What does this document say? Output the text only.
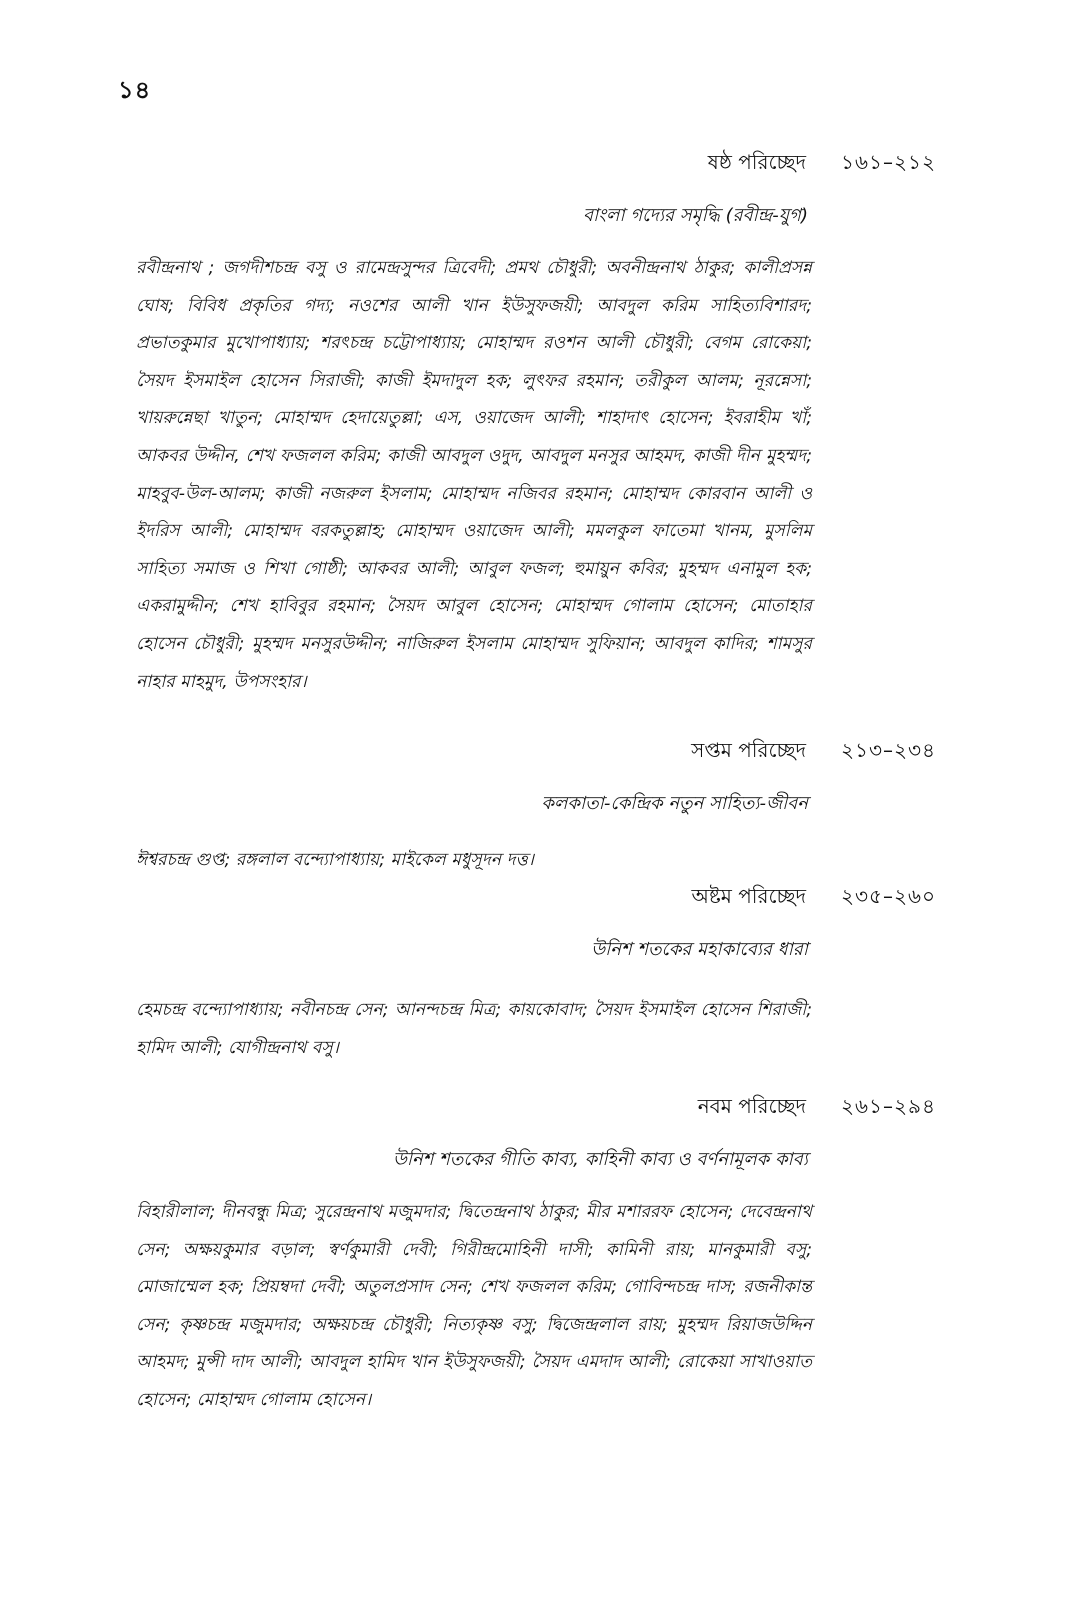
১৪
ষষ্ঠ পরিচ্ছেদ	১৬১–২১২
বাংলা গদ্যের সমৃদ্ধি (রবীন্দ্র-যুগ)
রবীন্দ্রনাথ ; জগদীশচন্দ্র বসু ও রামেন্দ্রসুন্দর ত্রিবেদী; প্রমথ চৌধুরী; অবনীন্দ্রনাথ ঠাকুর; কালীপ্রসন্ন ঘোষ; বিবিধ প্রকৃতির গদ্য; নওশের আলী খান ইউসুফজয়ী; আবদুল করিম সাহিত্যবিশারদ; প্রভাতকুমার মুখোপাধ্যায়; শরৎচন্দ্র চট্টোপাধ্যায়; মোহাম্মদ রওশন আলী চৌধুরী; বেগম রোকেয়া; সৈয়দ ইসমাইল হোসেন সিরাজী; কাজী ইমদাদুল হক; লুৎফর রহমান; তরীকুল আলম; নূরন্নেসা; খায়রুন্নেছা খাতুন; মোহাম্মদ হেদায়েতুল্লা; এস, ওয়াজেদ আলী; শাহাদাৎ হোসেন; ইবরাহীম খাঁ; আকবর উদ্দীন, শেখ ফজলল করিম; কাজী আবদুল ওদুদ, আবদুল মনসুর আহমদ, কাজী দীন মুহম্মদ; মাহবুব-উল-আলম; কাজী নজরুল ইসলাম; মোহাম্মদ নজিবর রহমান; মোহাম্মদ কোরবান আলী ও ইদরিস আলী; মোহাম্মদ বরকতুল্লাহ; মোহাম্মদ ওয়াজেদ আলী; মমলকুল ফাতেমা খানম, মুসলিম সাহিত্য সমাজ ও শিখা গোষ্ঠী; আকবর আলী; আবুল ফজল; হুমায়ুন কবির; মুহম্মদ এনামুল হক; একরামুদ্দীন; শেখ হাবিবুর রহমান; সৈয়দ আবুল হোসেন; মোহাম্মদ গোলাম হোসেন; মোতাহার হোসেন চৌধুরী; মুহম্মদ মনসুরউদ্দীন; নাজিরুল ইসলাম মোহাম্মদ সুফিয়ান; আবদুল কাদির; শামসুর নাহার মাহমুদ, উপসংহার।
সপ্তম পরিচ্ছেদ	২১৩–২৩৪
কলকাতা-কেন্দ্রিক নতুন সাহিত্য-জীবন
ঈশ্বরচন্দ্র গুপ্ত; রঙ্গলাল বন্দ্যোপাধ্যায়; মাইকেল মধুসূদন দত্ত।
অষ্টম পরিচ্ছেদ	২৩৫–২৬০
উনিশ শতকের মহাকাব্যের ধারা
হেমচন্দ্র বন্দ্যোপাধ্যায়; নবীনচন্দ্র সেন; আনন্দচন্দ্র মিত্র; কায়কোবাদ; সৈয়দ ইসমাইল হোসেন শিরাজী; হামিদ আলী; যোগীন্দ্রনাথ বসু।
নবম পরিচ্ছেদ	২৬১–২৯৪
উনিশ শতকের গীতি কাব্য, কাহিনী কাব্য ও বর্ণনামূলক কাব্য
বিহারীলাল; দীনবন্ধু মিত্র; সুরেন্দ্রনাথ মজুমদার; দ্বিতেন্দ্রনাথ ঠাকুর; মীর মশাররফ হোসেন; দেবেন্দ্রনাথ সেন; অক্ষয়কুমার বড়াল; স্বর্ণকুমারী দেবী; গিরীন্দ্রমোহিনী দাসী; কামিনী রায়; মানকুমারী বসু; মোজাম্মেল হক; প্রিয়ম্বদা দেবী; অতুলপ্রসাদ সেন; শেখ ফজলল করিম; গোবিন্দচন্দ্র দাস; রজনীকান্ত সেন; কৃষ্ণচন্দ্র মজুমদার; অক্ষয়চন্দ্র চৌধুরী; নিত্যকৃষ্ণ বসু; দ্বিজেন্দ্রলাল রায়; মুহম্মদ রিয়াজউদ্দিন আহমদ; মুন্সী দাদ আলী; আবদুল হামিদ খান ইউসুফজয়ী; সৈয়দ এমদাদ আলী; রোকেয়া সাখাওয়াত হোসেন; মোহাম্মদ গোলাম হোসেন।
